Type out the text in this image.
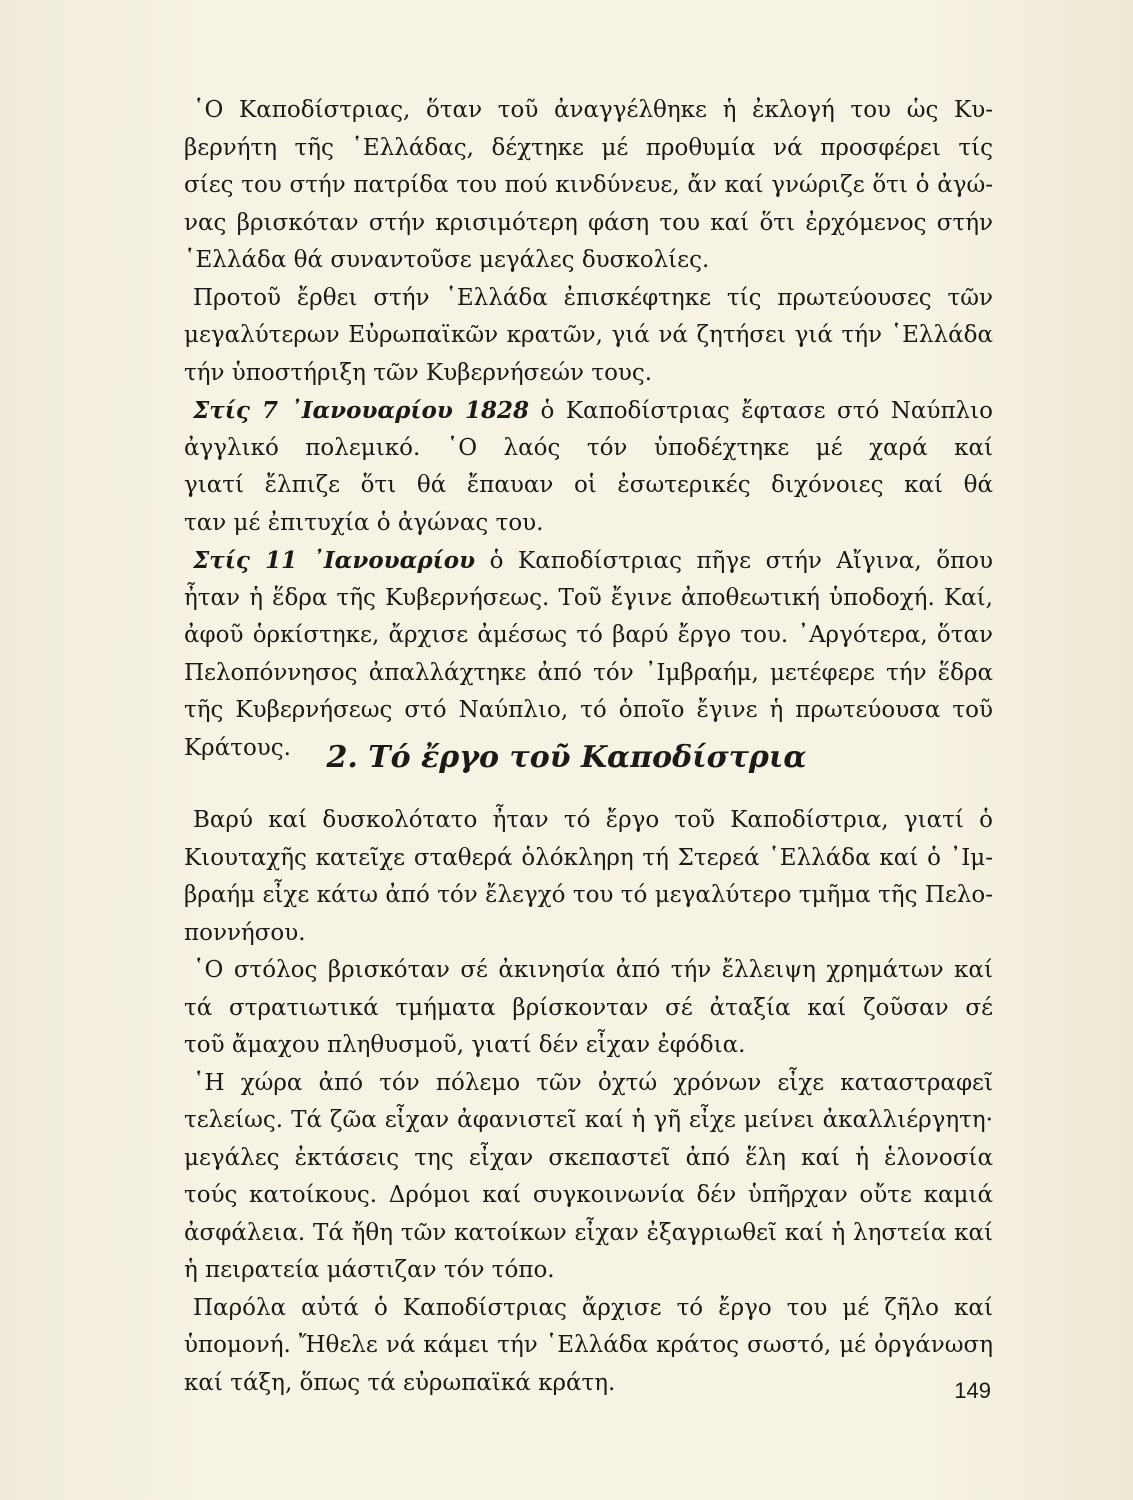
῾Ο Καποδίστριας, ὅταν τοῦ ἀναγγέλθηκε ἡ ἐκλογή του ὡς Κυ-
βερνήτη τῆς ῾Ελλάδας, δέχτηκε μέ προθυμία νά προσφέρει τίς
σίες του στήν πατρίδα του πού κινδύνευε, ἄν καί γνώριζε ὅτι ὁ ἀγώ-
νας βρισκόταν στήν κρισιμότερη φάση του καί ὅτι ἐρχόμενος στήν
῾Ελλάδα θά συναντοῦσε μεγάλες δυσκολίες.
Προτοῦ ἔρθει στήν ῾Ελλάδα ἐπισκέφτηκε τίς πρωτεύουσες τῶν
μεγαλύτερων Εὐρωπαϊκῶν κρατῶν, γιά νά ζητήσει γιά τήν ῾Ελλάδα
τήν ὑποστήριξη τῶν Κυβερνήσεών τους.
Στίς 7 ᾽Ιανουαρίου 1828 ὁ Καποδίστριας ἔφτασε στό Ναύπλιο
ἀγγλικό πολεμικό. ῾Ο λαός τόν ὑποδέχτηκε μέ χαρά καί
γιατί ἔλπιζε ὅτι θά ἔπαυαν οἱ ἐσωτερικές διχόνοιες καί θά
ταν μέ ἐπιτυχία ὁ ἀγώνας του.
Στίς 11 ᾽Ιανουαρίου ὁ Καποδίστριας πῆγε στήν Αἴγινα, ὅπου
ἦταν ἡ ἕδρα τῆς Κυβερνήσεως. Τοῦ ἔγινε ἀποθεωτική ὑποδοχή. Καί,
ἀφοῦ ὁρκίστηκε, ἄρχισε ἀμέσως τό βαρύ ἔργο του. ᾽Αργότερα, ὅταν
Πελοπόννησος ἀπαλλάχτηκε ἀπό τόν ᾽Ιμβραήμ, μετέφερε τήν ἕδρα
τῆς Κυβερνήσεως στό Ναύπλιο, τό ὁποῖο ἔγινε ἡ πρωτεύουσα τοῦ
Κράτους.	2. Τό ἔργο τοῦ Καποδίστρια
Βαρύ καί δυσκολότατο ἦταν τό ἔργο τοῦ Καποδίστρια, γιατί ὁ
Κιουταχῆς κατεῖχε σταθερά ὁλόκληρη τή Στερεά ῾Ελλάδα καί ὁ ᾽Ιμ-
βραήμ εἶχε κάτω ἀπό τόν ἔλεγχό του τό μεγαλύτερο τμῆμα τῆς Πελο-
ποννήσου.
῾Ο στόλος βρισκόταν σέ ἀκινησία ἀπό τήν ἔλλειψη χρημάτων καί
τά στρατιωτικά τμήματα βρίσκονταν σέ ἀταξία καί ζοῦσαν σέ
τοῦ ἄμαχου πληθυσμοῦ, γιατί δέν εἶχαν ἐφόδια.
῾Η χώρα ἀπό τόν πόλεμο τῶν ὀχτώ χρόνων εἶχε καταστραφεῖ
τελείως. Τά ζῶα εἶχαν ἀφανιστεῖ καί ἡ γῆ εἶχε μείνει ἀκαλλιέργητη·
μεγάλες ἐκτάσεις της εἶχαν σκεπαστεῖ ἀπό ἕλη καί ἡ ἑλονοσία
τούς κατοίκους. Δρόμοι καί συγκοινωνία δέν ὑπῆρχαν οὔτε καμιά
ἀσφάλεια. Τά ἤθη τῶν κατοίκων εἶχαν ἐξαγριωθεῖ καί ἡ ληστεία καί
ἡ πειρατεία μάστιζαν τόν τόπο.
Παρόλα αὐτά ὁ Καποδίστριας ἄρχισε τό ἔργο του μέ ζῆλο καί
ὑπομονή. Ἤθελε νά κάμει τήν ῾Ελλάδα κράτος σωστό, μέ ὀργάνωση
καί τάξη, ὅπως τά εὐρωπαϊκά κράτη.	149
